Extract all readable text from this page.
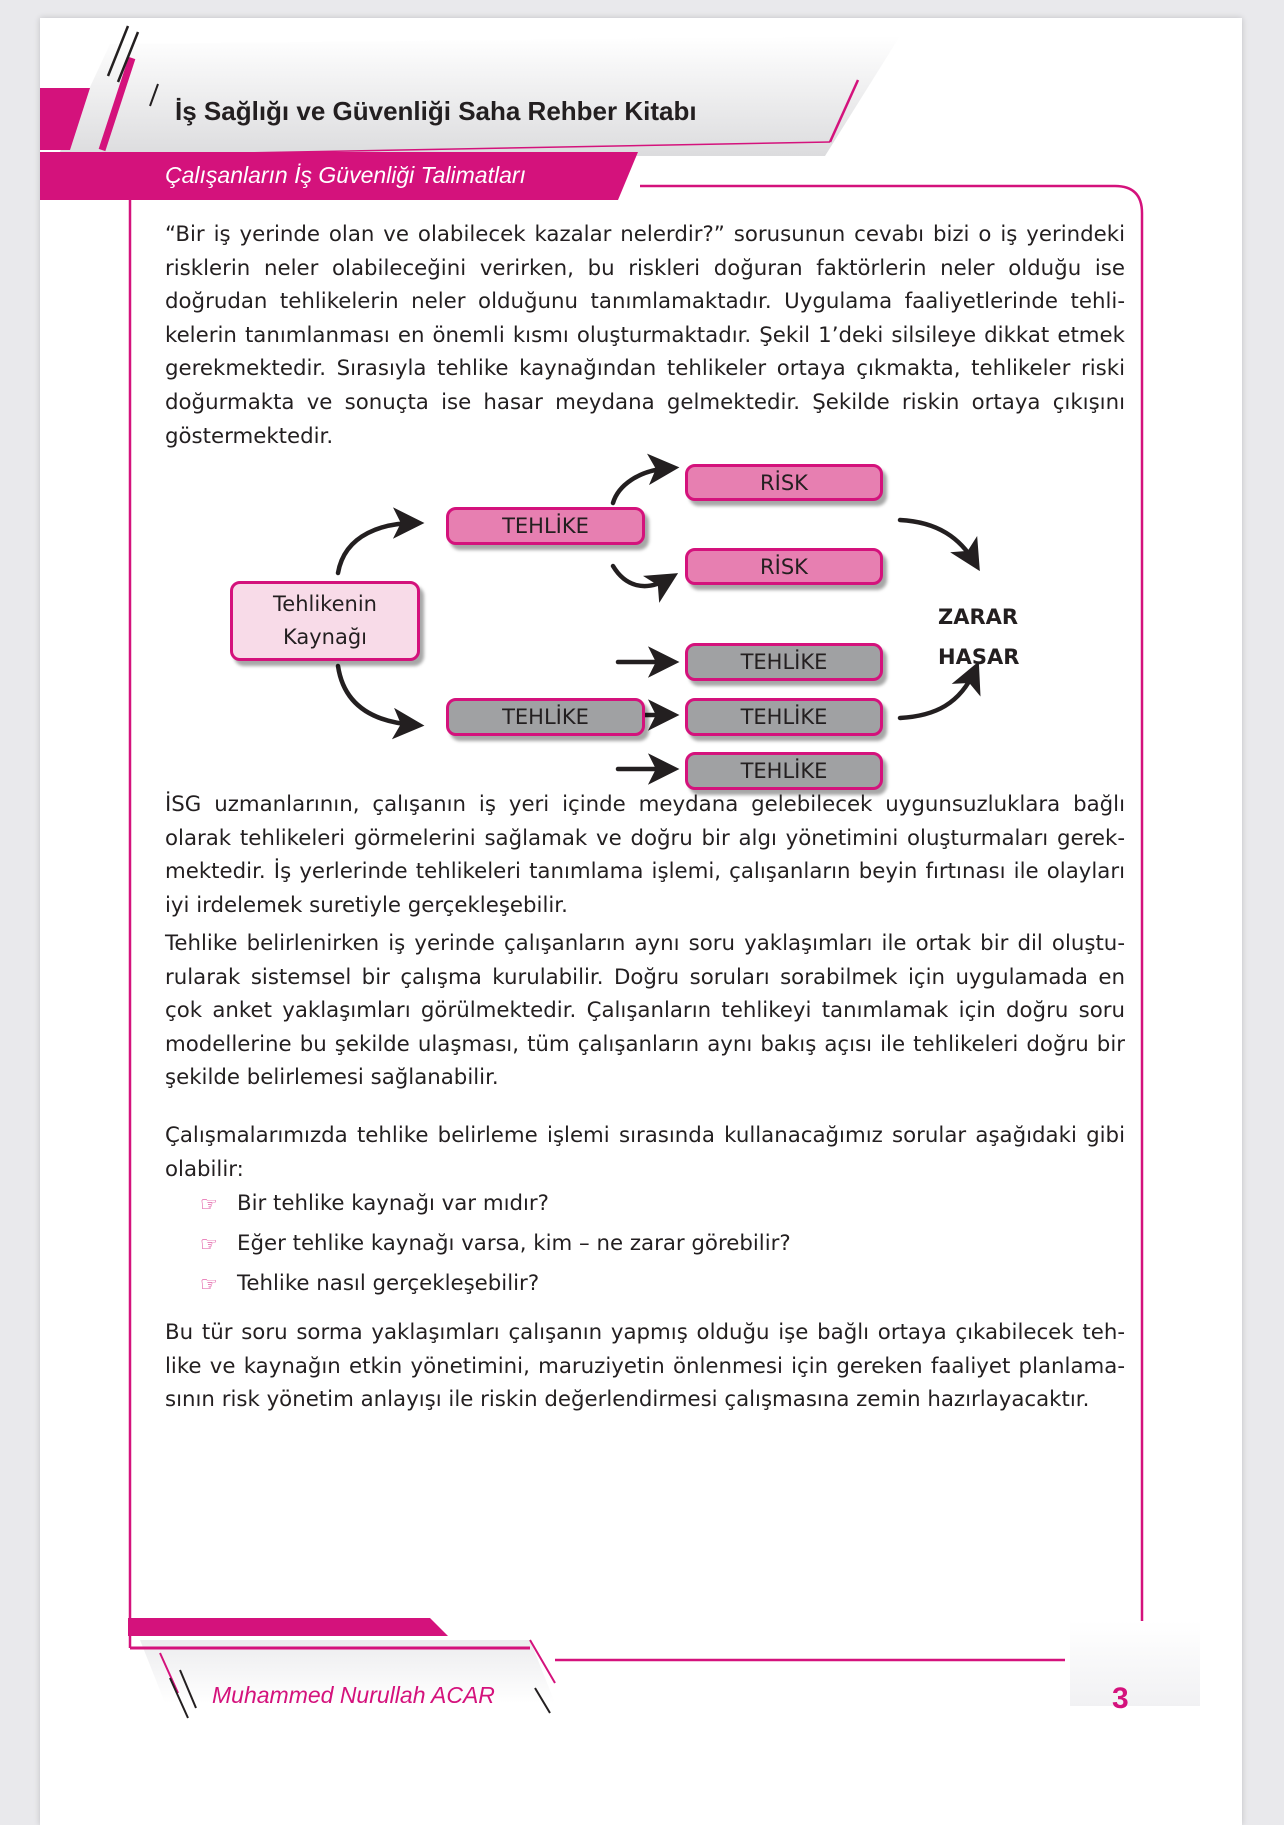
İş Sağlığı ve Güvenliği Saha Rehber Kitabı
Çalışanların İş Güvenliği Talimatları

“Bir iş yerinde olan ve olabilecek kazalar nelerdir?” sorusunun cevabı bizi o iş yerindeki risklerin neler olabileceğini verirken, bu riskleri doğuran faktörlerin neler olduğu ise doğrudan tehlikelerin neler olduğunu tanımlamaktadır. Uygulama faaliyetlerinde tehlikelerin tanımlanması en önemli kısmı oluşturmaktadır. Şekil 1’deki silsileye dikkat etmek gerekmektedir. Sırasıyla tehlike kaynağından tehlikeler ortaya çıkmakta, tehlikeler riski doğurmakta ve sonuçta ise hasar meydana gelmektedir. Şekilde riskin ortaya çıkışını göstermektedir.

Tehlikenin
Kaynağı
TEHLİKE
TEHLİKE
RİSK
RİSK
TEHLİKE
TEHLİKE
TEHLİKE
ZARAR
HASAR

İSG uzmanlarının, çalışanın iş yeri içinde meydana gelebilecek uygunsuzluklara bağlı olarak tehlikeleri görmelerini sağlamak ve doğru bir algı yönetimini oluşturmaları gerekmektedir. İş yerlerinde tehlikeleri tanımlama işlemi, çalışanların beyin fırtınası ile olayları iyi irdelemek suretiyle gerçekleşebilir.

Tehlike belirlenirken iş yerinde çalışanların aynı soru yaklaşımları ile ortak bir dil oluşturularak sistemsel bir çalışma kurulabilir. Doğru soruları sorabilmek için uygulamada en çok anket yaklaşımları görülmektedir. Çalışanların tehlikeyi tanımlamak için doğru soru modellerine bu şekilde ulaşması, tüm çalışanların aynı bakış açısı ile tehlikeleri doğru bir şekilde belirlemesi sağlanabilir.

Çalışmalarımızda tehlike belirleme işlemi sırasında kullanacağımız sorular aşağıdaki gibi olabilir:

☞ Bir tehlike kaynağı var mıdır?
☞ Eğer tehlike kaynağı varsa, kim – ne zarar görebilir?
☞ Tehlike nasıl gerçekleşebilir?

Bu tür soru sorma yaklaşımları çalışanın yapmış olduğu işe bağlı ortaya çıkabilecek tehlike ve kaynağın etkin yönetimini, maruziyetin önlenmesi için gereken faaliyet planlamasının risk yönetim anlayışı ile riskin değerlendirmesi çalışmasına zemin hazırlayacaktır.

Muhammed Nurullah ACAR	3
